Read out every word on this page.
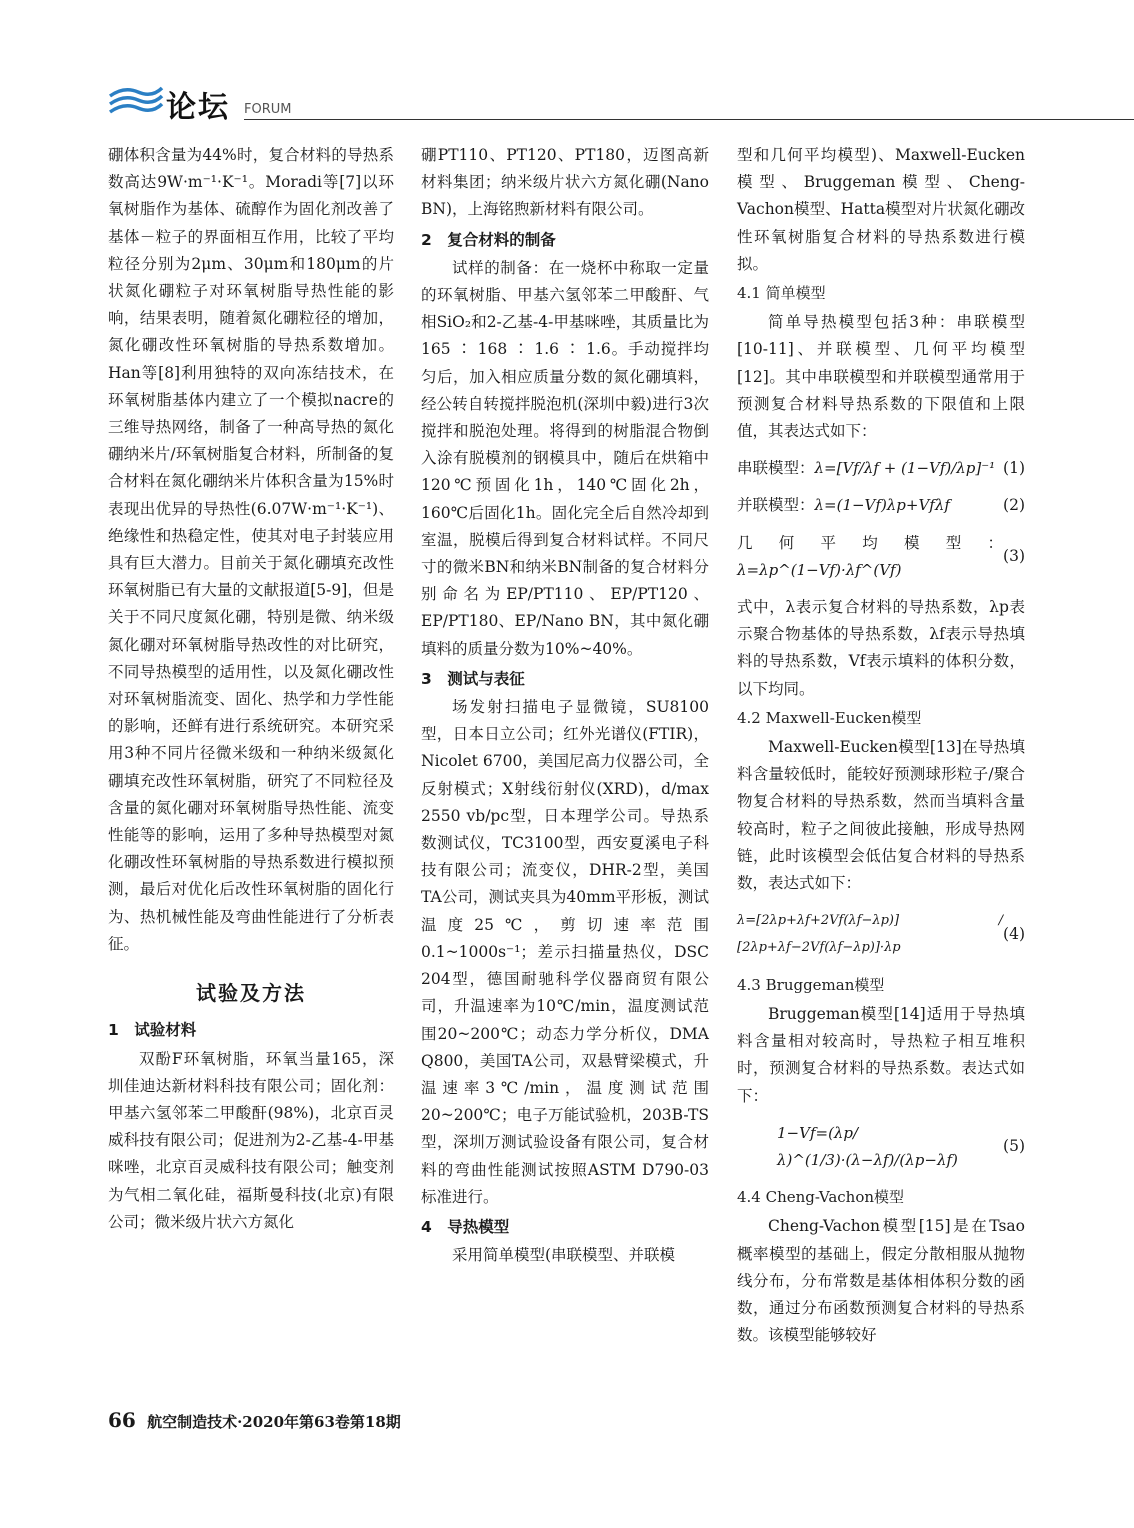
论坛 FORUM

硼体积含量为44%时，复合材料的导热系数高达9W·m⁻¹·K⁻¹。Moradi等[7]以环氧树脂作为基体、硫醇作为固化剂改善了基体－粒子的界面相互作用，比较了平均粒径分别为2μm、30μm和180μm的片状氮化硼粒子对环氧树脂导热性能的影响，结果表明，随着氮化硼粒径的增加，氮化硼改性环氧树脂的导热系数增加。Han等[8]利用独特的双向冻结技术，在环氧树脂基体内建立了一个模拟nacre的三维导热网络，制备了一种高导热的氮化硼纳米片/环氧树脂复合材料，所制备的复合材料在氮化硼纳米片体积含量为15%时表现出优异的导热性(6.07W·m⁻¹·K⁻¹)、绝缘性和热稳定性，使其对电子封装应用具有巨大潜力。目前关于氮化硼填充改性环氧树脂已有大量的文献报道[5-9]，但是关于不同尺度氮化硼，特别是微、纳米级氮化硼对环氧树脂导热改性的对比研究，不同导热模型的适用性，以及氮化硼改性对环氧树脂流变、固化、热学和力学性能的影响，还鲜有进行系统研究。本研究采用3种不同片径微米级和一种纳米级氮化硼填充改性环氧树脂，研究了不同粒径及含量的氮化硼对环氧树脂导热性能、流变性能等的影响，运用了多种导热模型对氮化硼改性环氧树脂的导热系数进行模拟预测，最后对优化后改性环氧树脂的固化行为、热机械性能及弯曲性能进行了分析表征。

试验及方法
1　试验材料

双酚F环氧树脂，环氧当量165，深圳佳迪达新材料科技有限公司；固化剂：甲基六氢邻苯二甲酸酐(98%)，北京百灵威科技有限公司；促进剂为2-乙基-4-甲基咪唑，北京百灵威科技有限公司；触变剂为气相二氧化硅，福斯曼科技(北京)有限公司；微米级片状六方氮化

硼PT110、PT120、PT180，迈图高新材料集团；纳米级片状六方氮化硼(Nano BN)，上海铭煦新材料有限公司。

2　复合材料的制备

试样的制备：在一烧杯中称取一定量的环氧树脂、甲基六氢邻苯二甲酸酐、气相SiO₂和2-乙基-4-甲基咪唑，其质量比为165 ∶ 168 ∶ 1.6 ∶ 1.6。手动搅拌均匀后，加入相应质量分数的氮化硼填料，经公转自转搅拌脱泡机(深圳中毅)进行3次搅拌和脱泡处理。将得到的树脂混合物倒入涂有脱模剂的钢模具中，随后在烘箱中120℃预固化1h，140℃固化2h，160℃后固化1h。固化完全后自然冷却到室温，脱模后得到复合材料试样。不同尺寸的微米BN和纳米BN制备的复合材料分别命名为EP/PT110、EP/PT120、EP/PT180、EP/Nano BN，其中氮化硼填料的质量分数为10%~40%。

3　测试与表征

场发射扫描电子显微镜，SU8100型，日本日立公司；红外光谱仪(FTIR)，Nicolet 6700，美国尼高力仪器公司，全反射模式；X射线衍射仪(XRD)，d/max 2550 vb/pc型，日本理学公司。导热系数测试仪，TC3100型，西安夏溪电子科技有限公司；流变仪，DHR-2型，美国TA公司，测试夹具为40mm平形板，测试温度25℃，剪切速率范围0.1~1000s⁻¹；差示扫描量热仪，DSC 204型，德国耐驰科学仪器商贸有限公司，升温速率为10℃/min，温度测试范围20~200℃；动态力学分析仪，DMA Q800，美国TA公司，双悬臂梁模式，升温速率3℃/min，温度测试范围20~200℃；电子万能试验机，203B-TS型，深圳万测试验设备有限公司，复合材料的弯曲性能测试按照ASTM D790-03标准进行。

4　导热模型

采用简单模型(串联模型、并联模

型和几何平均模型)、Maxwell-Eucken模型、Bruggeman模型、Cheng-Vachon模型、Hatta模型对片状氮化硼改性环氧树脂复合材料的导热系数进行模拟。

4.1 简单模型

简单导热模型包括3种：串联模型[10-11]、并联模型、几何平均模型[12]。其中串联模型和并联模型通常用于预测复合材料导热系数的下限值和上限值，其表达式如下：

串联模型：λ=[Vf/λf + (1−Vf)/λp]⁻¹ (1)
并联模型：λ=(1−Vf)λp+Vfλf	(2)
几何平均模型：λ=λp^(1−Vf)·λf^(Vf)
(3)

式中，λ表示复合材料的导热系数，λp表示聚合物基体的导热系数，λf表示导热填料的导热系数，Vf表示填料的体积分数，以下均同。

4.2 Maxwell-Eucken模型

Maxwell-Eucken模型[13]在导热填料含量较低时，能较好预测球形粒子/聚合物复合材料的导热系数，然而当填料含量较高时，粒子之间彼此接触，形成导热网链，此时该模型会低估复合材料的导热系数，表达式如下：

λ=[2λp+λf+2Vf(λf−λp)] / [2λp+λf−2Vf(λf−λp)]·λp
(4)
4.3 Bruggeman模型

Bruggeman模型[14]适用于导热填料含量相对较高时，导热粒子相互堆积时，预测复合材料的导热系数。表达式如下：

1−Vf=(λp/λ)^(1/3)·(λ−λf)/(λp−λf)
(5)
4.4 Cheng-Vachon模型

Cheng-Vachon模型[15]是在Tsao概率模型的基础上，假定分散相服从抛物线分布，分布常数是基体相体积分数的函数，通过分布函数预测复合材料的导热系数。该模型能够较好

66 航空制造技术·2020年第63卷第18期
